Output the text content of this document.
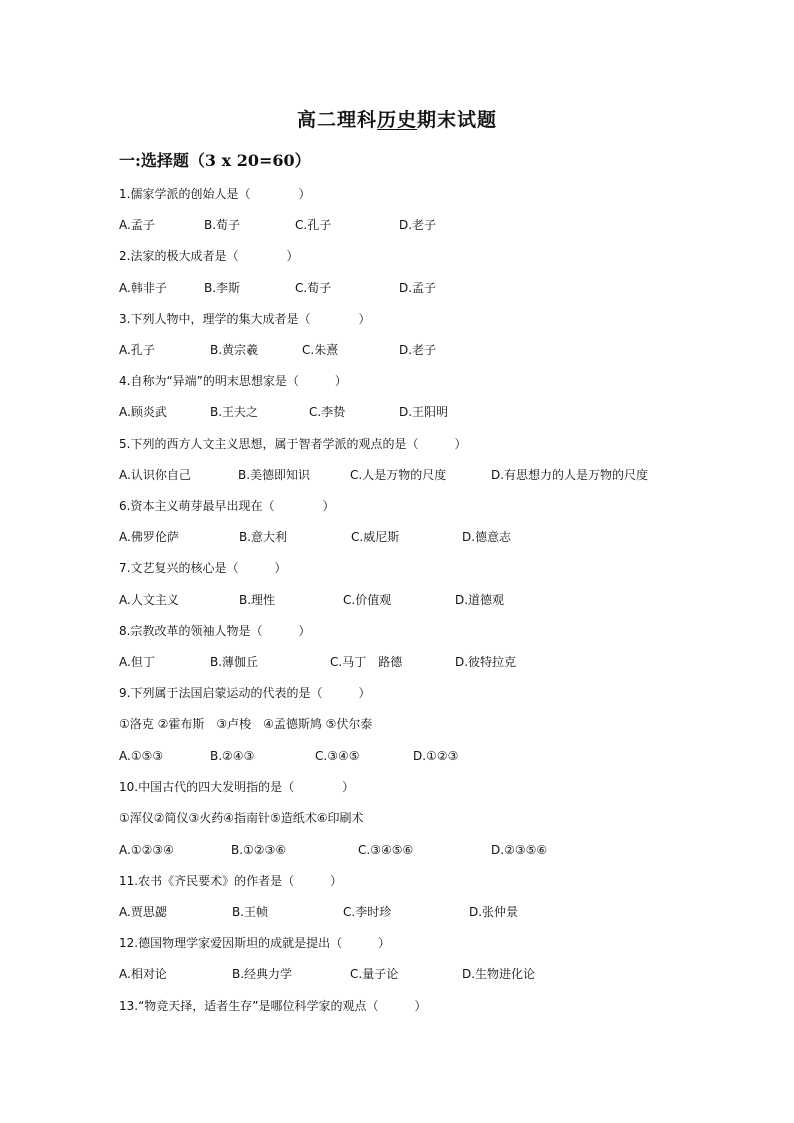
高二理科历史期末试题
一:选择题（3 x 20=60）
1.儒家学派的创始人是（　　　　）
A.孟子	B.荀子	C.孔子	D.老子
2.法家的极大成者是（　　　　）
A.韩非子	B.李斯	C.荀子	D.孟子
3.下列人物中，理学的集大成者是（　　　　）
A.孔子	B.黄宗羲	C.朱熹	D.老子
4.自称为“异端”的明末思想家是（　　　）
A.顾炎武	B.王夫之	C.李贽	D.王阳明
5.下列的西方人文主义思想，属于智者学派的观点的是（　　　）
A.认识你自己	B.美德即知识	C.人是万物的尺度	D.有思想力的人是万物的尺度
6.资本主义萌芽最早出现在（　　　　）
A.佛罗伦萨	B.意大利	C.威尼斯	D.德意志
7.文艺复兴的核心是（　　　）
A.人文主义	B.理性	C.价值观	D.道德观
8.宗教改革的领袖人物是（　　　）
A.但丁	B.薄伽丘	C.马丁　路德	D.彼特拉克
9.下列属于法国启蒙运动的代表的是（　　　）
①洛克 ②霍布斯　③卢梭　④孟德斯鸠 ⑤伏尔泰
A.①⑤③	B.②④③	C.③④⑤	D.①②③
10.中国古代的四大发明指的是（　　　　）
①浑仪②简仪③火药④指南针⑤造纸术⑥印刷术
A.①②③④	B.①②③⑥	C.③④⑤⑥	D.②③⑤⑥
11.农书《齐民要术》的作者是（　　　）
A.贾思勰	B.王帧	C.李时珍	D.张仲景
12.德国物理学家爱因斯坦的成就是提出（　　　）
A.相对论	B.经典力学	C.量子论	D.生物进化论
13.“物竞天择，适者生存”是哪位科学家的观点（　　　）
